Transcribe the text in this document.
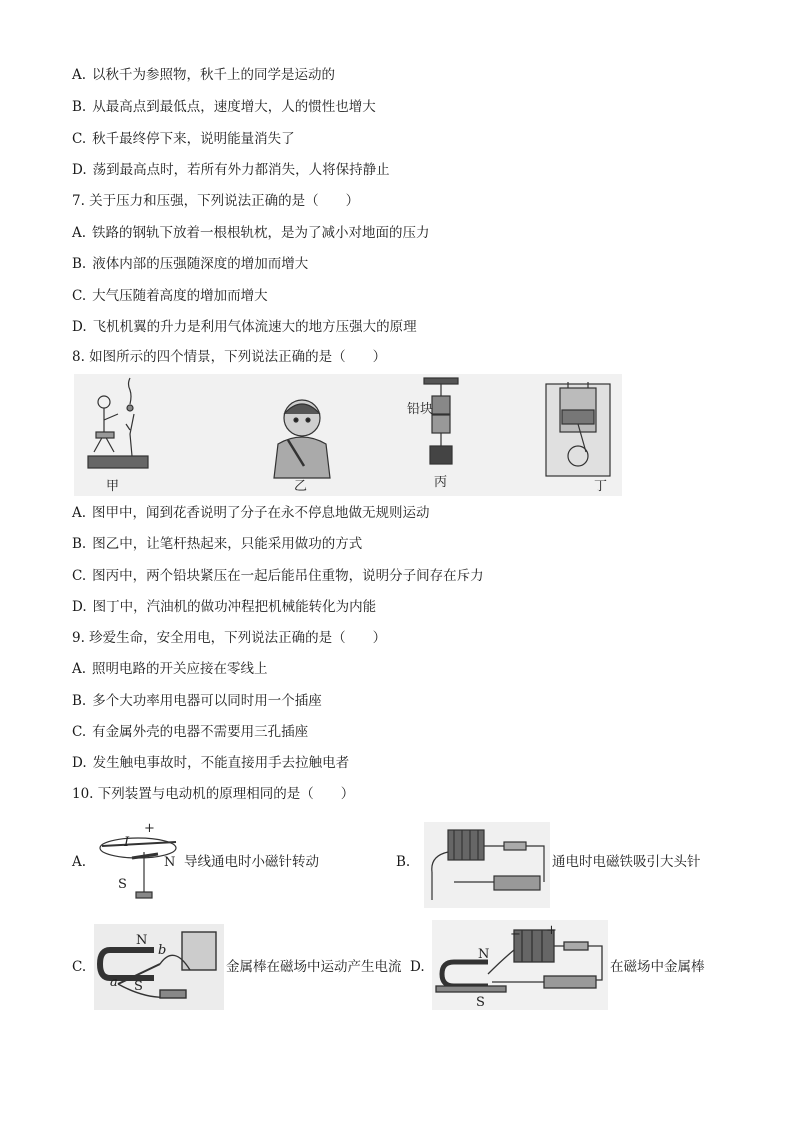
A. 以秋千为参照物，秋千上的同学是运动的
B. 从最高点到最低点，速度增大，人的惯性也增大
C. 秋千最终停下来，说明能量消失了
D. 荡到最高点时，若所有外力都消失，人将保持静止
7. 关于压力和压强，下列说法正确的是（　　）
A. 铁路的钢轨下放着一根根轨枕，是为了减小对地面的压力
B. 液体内部的压强随深度的增加而增大
C. 大气压随着高度的增加而增大
D. 飞机机翼的升力是利用气体流速大的地方压强大的原理
8. 如图所示的四个情景，下列说法正确的是（　　）
甲	乙
铅块
丙	丁
A. 图甲中，闻到花香说明了分子在永不停息地做无规则运动
B. 图乙中，让笔杆热起来，只能采用做功的方式
C. 图丙中，两个铅块紧压在一起后能吊住重物，说明分子间存在斥力
D. 图丁中，汽油机的做功冲程把机械能转化为内能
9. 珍爱生命，安全用电，下列说法正确的是（　　）
A. 照明电路的开关应接在零线上
B. 多个大功率用电器可以同时用一个插座
C. 有金属外壳的电器不需要用三孔插座
D. 发生触电事故时，不能直接用手去拉触电者
10. 下列装置与电动机的原理相同的是（　　）
A.
+
I
N
S
导线通电时小磁针转动	B.	通电时电磁铁吸引大头针
C.
N
S
b
a
金属棒在磁场中运动产生电流 D.
N
S
− +
在磁场中金属棒
